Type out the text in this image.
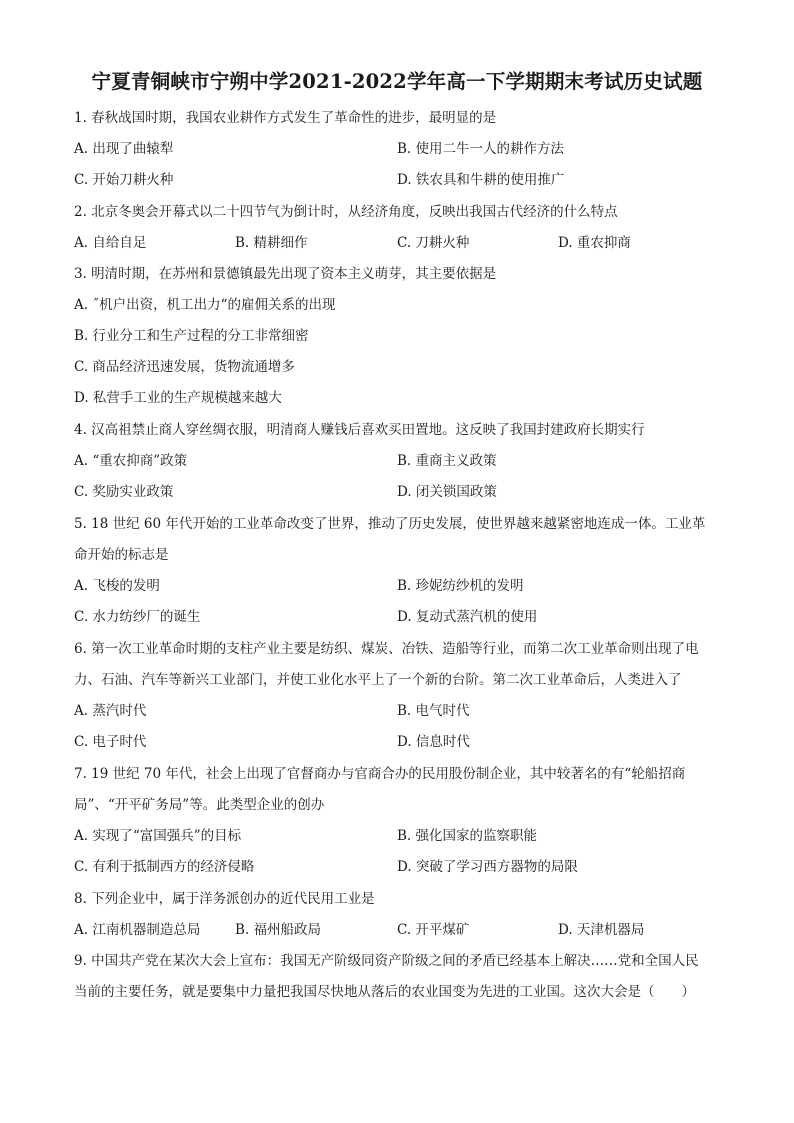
宁夏青铜峡市宁朔中学2021-2022学年高一下学期期末考试历史试题
1. 春秋战国时期，我国农业耕作方式发生了革命性的进步，最明显的是
A. 出现了曲辕犁	B. 使用二牛一人的耕作方法
C. 开始刀耕火种	D. 铁农具和牛耕的使用推广
2. 北京冬奥会开幕式以二十四节气为倒计时，从经济角度，反映出我国古代经济的什么特点
A. 自给自足	B. 精耕细作	C. 刀耕火种	D. 重农抑商
3. 明清时期，在苏州和景德镇最先出现了资本主义萌芽，其主要依据是
A. ˝机户出资，机工出力“的雇佣关系的出现
B. 行业分工和生产过程的分工非常细密
C. 商品经济迅速发展，货物流通增多
D. 私营手工业的生产规模越来越大
4. 汉高祖禁止商人穿丝绸衣服，明清商人赚钱后喜欢买田置地。这反映了我国封建政府长期实行
A. “重农抑商”政策	B. 重商主义政策
C. 奖励实业政策	D. 闭关锁国政策
5. 18 世纪 60 年代开始的工业革命改变了世界，推动了历史发展，使世界越来越紧密地连成一体。工业革
命开始的标志是
A. 飞梭的发明	B. 珍妮纺纱机的发明
C. 水力纺纱厂的诞生	D. 复动式蒸汽机的使用
6. 第一次工业革命时期的支柱产业主要是纺织、煤炭、冶铁、造船等行业，而第二次工业革命则出现了电
力、石油、汽车等新兴工业部门，并使工业化水平上了一个新的台阶。第二次工业革命后，人类进入了
A. 蒸汽时代	B. 电气时代
C. 电子时代	D. 信息时代
7. 19 世纪 70 年代，社会上出现了官督商办与官商合办的民用股份制企业，其中较著名的有“轮船招商
局”、“开平矿务局”等。此类型企业的创办
A. 实现了“富国强兵”的目标	B. 强化国家的监察职能
C. 有利于抵制西方的经济侵略	D. 突破了学习西方器物的局限
8. 下列企业中，属于洋务派创办的近代民用工业是
A. 江南机器制造总局	B. 福州船政局	C. 开平煤矿	D. 天津机器局
9. 中国共产党在某次大会上宣布：我国无产阶级同资产阶级之间的矛盾已经基本上解决……党和全国人民
当前的主要任务，就是要集中力量把我国尽快地从落后的农业国变为先进的工业国。这次大会是（　　）
